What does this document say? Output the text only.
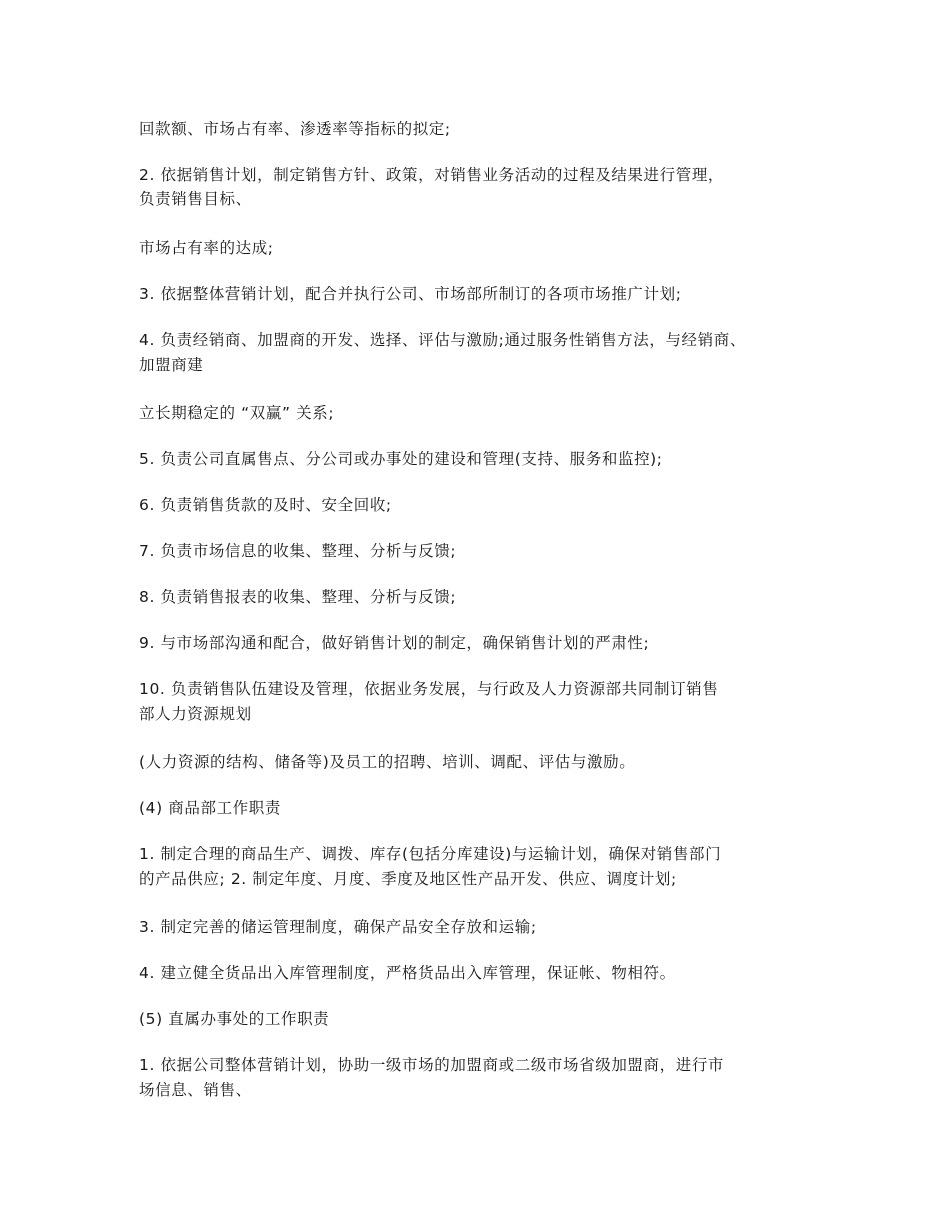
回款额、市场占有率、渗透率等指标的拟定;
2. 依据销售计划，制定销售方针、政策，对销售业务活动的过程及结果进行管理，
负责销售目标、
市场占有率的达成;
3. 依据整体营销计划，配合并执行公司、市场部所制订的各项市场推广计划;
4. 负责经销商、加盟商的开发、选择、评估与激励;通过服务性销售方法，与经销商、
加盟商建
立长期稳定的 “双赢” 关系;
5. 负责公司直属售点、分公司或办事处的建设和管理(支持、服务和监控);
6. 负责销售货款的及时、安全回收;
7. 负责市场信息的收集、整理、分析与反馈;
8. 负责销售报表的收集、整理、分析与反馈;
9. 与市场部沟通和配合，做好销售计划的制定，确保销售计划的严肃性;
10. 负责销售队伍建设及管理，依据业务发展，与行政及人力资源部共同制订销售
部人力资源规划
(人力资源的结构、储备等)及员工的招聘、培训、调配、评估与激励。
(4) 商品部工作职责
1. 制定合理的商品生产、调拨、库存(包括分库建设)与运输计划，确保对销售部门
的产品供应; 2. 制定年度、月度、季度及地区性产品开发、供应、调度计划;
3. 制定完善的储运管理制度，确保产品安全存放和运输;
4. 建立健全货品出入库管理制度，严格货品出入库管理，保证帐、物相符。
(5) 直属办事处的工作职责
1. 依据公司整体营销计划，协助一级市场的加盟商或二级市场省级加盟商，进行市
场信息、销售、
